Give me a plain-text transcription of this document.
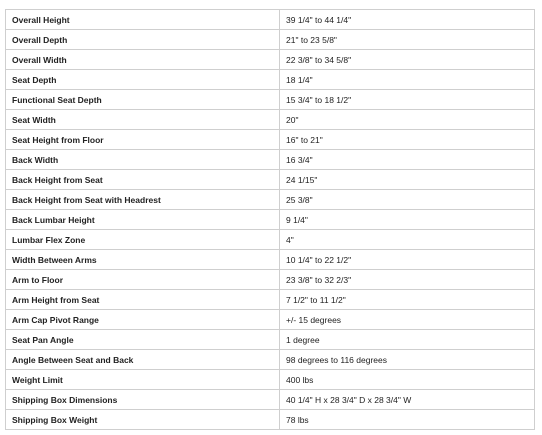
Overall Height	39 1/4" to 44 1/4"
Overall Depth	21" to 23 5/8"
Overall Width	22 3/8" to 34 5/8"
Seat Depth	18 1/4"
Functional Seat Depth	15 3/4" to 18 1/2"
Seat Width	20"
Seat Height from Floor	16" to 21"
Back Width	16 3/4"
Back Height from Seat	24 1/15"
Back Height from Seat with Headrest	25 3/8"
Back Lumbar Height	9 1/4"
Lumbar Flex Zone	4"
Width Between Arms	10 1/4" to 22 1/2"
Arm to Floor	23 3/8" to 32 2/3"
Arm Height from Seat	7 1/2" to 11 1/2"
Arm Cap Pivot Range	+/- 15 degrees
Seat Pan Angle	1 degree
Angle Between Seat and Back	98 degrees to 116 degrees
Weight Limit	400 lbs
Shipping Box Dimensions	40 1/4" H x 28 3/4" D x 28 3/4" W
Shipping Box Weight	78 lbs
